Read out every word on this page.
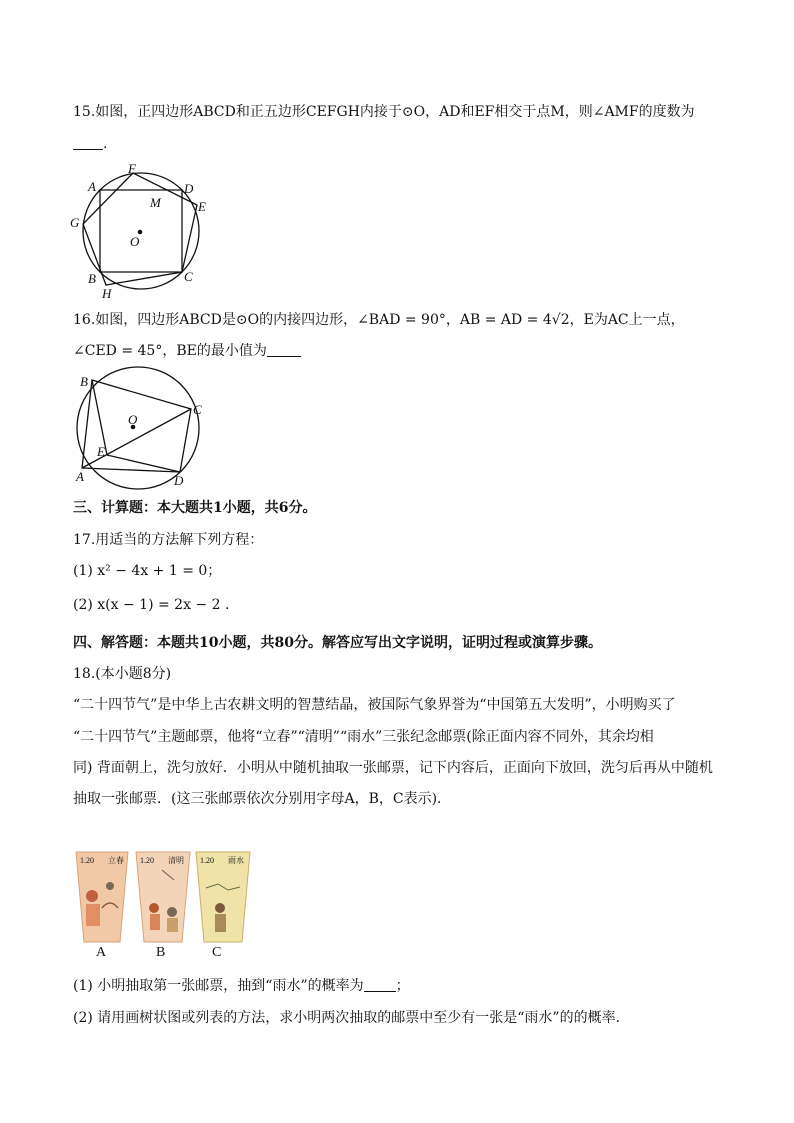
15.如图，正四边形ABCD和正五边形CEFGH内接于⊙O，AD和EF相交于点M，则∠AMF的度数为
.
A
F
D
M	E
G
O
B	C
H
16.如图，四边形ABCD是⊙O的内接四边形，∠BAD = 90°，AB = AD = 4√2，E为AC上一点，
∠CED = 45°，BE的最小值为
B
O
C
E
A	D
三、计算题：本大题共1小题，共6分。
17.用适当的方法解下列方程：
(1) x² − 4x + 1 = 0；
(2) x(x − 1) = 2x − 2 .
四、解答题：本题共10小题，共80分。解答应写出文字说明，证明过程或演算步骤。
18.(本小题8分)
“二十四节气”是中华上古农耕文明的智慧结晶，被国际气象界誉为“中国第五大发明”，小明购买了
“二十四节气”主题邮票，他将“立春”“清明”“雨水”三张纪念邮票(除正面内容不同外，其余均相
同) 背面朝上，洗匀放好．小明从中随机抽取一张邮票，记下内容后，正面向下放回，洗匀后再从中随机
抽取一张邮票．(这三张邮票依次分别用字母A，B，C表示)．
1.20 立春 1.20 清明 1.20 雨水
A	B	C
(1) 小明抽取第一张邮票，抽到“雨水”的概率为 ；
(2) 请用画树状图或列表的方法，求小明两次抽取的邮票中至少有一张是“雨水”的的概率．
